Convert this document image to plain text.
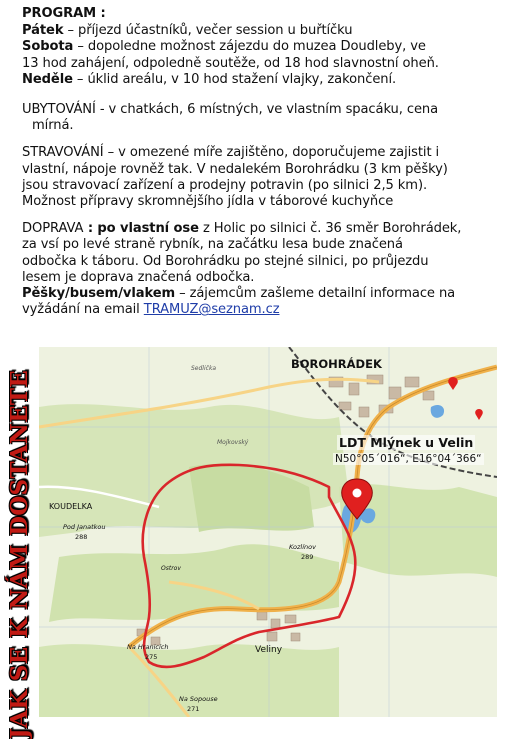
PROGRAM :
Pátek – příjezd účastníků, večer session u buřtíčku
Sobota – dopoledne možnost zájezdu do muzea Doudleby, ve
13 hod zahájení, odpoledně soutěže, od 18 hod slavnostní oheň.
Neděle – úklid areálu, v 10 hod stažení vlajky, zakončení.
UBYTOVÁNÍ - v chatkách, 6 místných, ve vlastním spacáku, cena
mírná.
STRAVOVÁNÍ – v omezené míře zajištěno, doporučujeme zajistit i
vlastní, nápoje rovněž tak. V nedalekém Borohrádku (3 km pěšky)
jsou stravovací zařízení a prodejny potravin (po silnici 2,5 km).
Možnost přípravy skromnějšího jídla v táborové kuchyňce
DOPRAVA : po vlastní ose z Holic po silnici č. 36 směr Borohrádek,
za vsí po levé straně rybník, na začátku lesa bude značená
odbočka k táboru. Od Borohrádku po stejné silnici, po průjezdu
lesem je doprava značená odbočka.
Pěšky/busem/vlakem – zájemcům zašleme detailní informace na
vyžádání na email TRAMUZ@seznam.cz
JAK SE K NÁM DOSTANETE
BOROHRÁDEK
LDT Mlýnek u Velin
N50°05´016“, E16°04´366“
KOUDELKA
Pod Janatkou
288
Mojkovský
Kozlínov
289
Ostrov
Veliny
Na Hranicích
275
Na Sopouse
271
Sedlička
